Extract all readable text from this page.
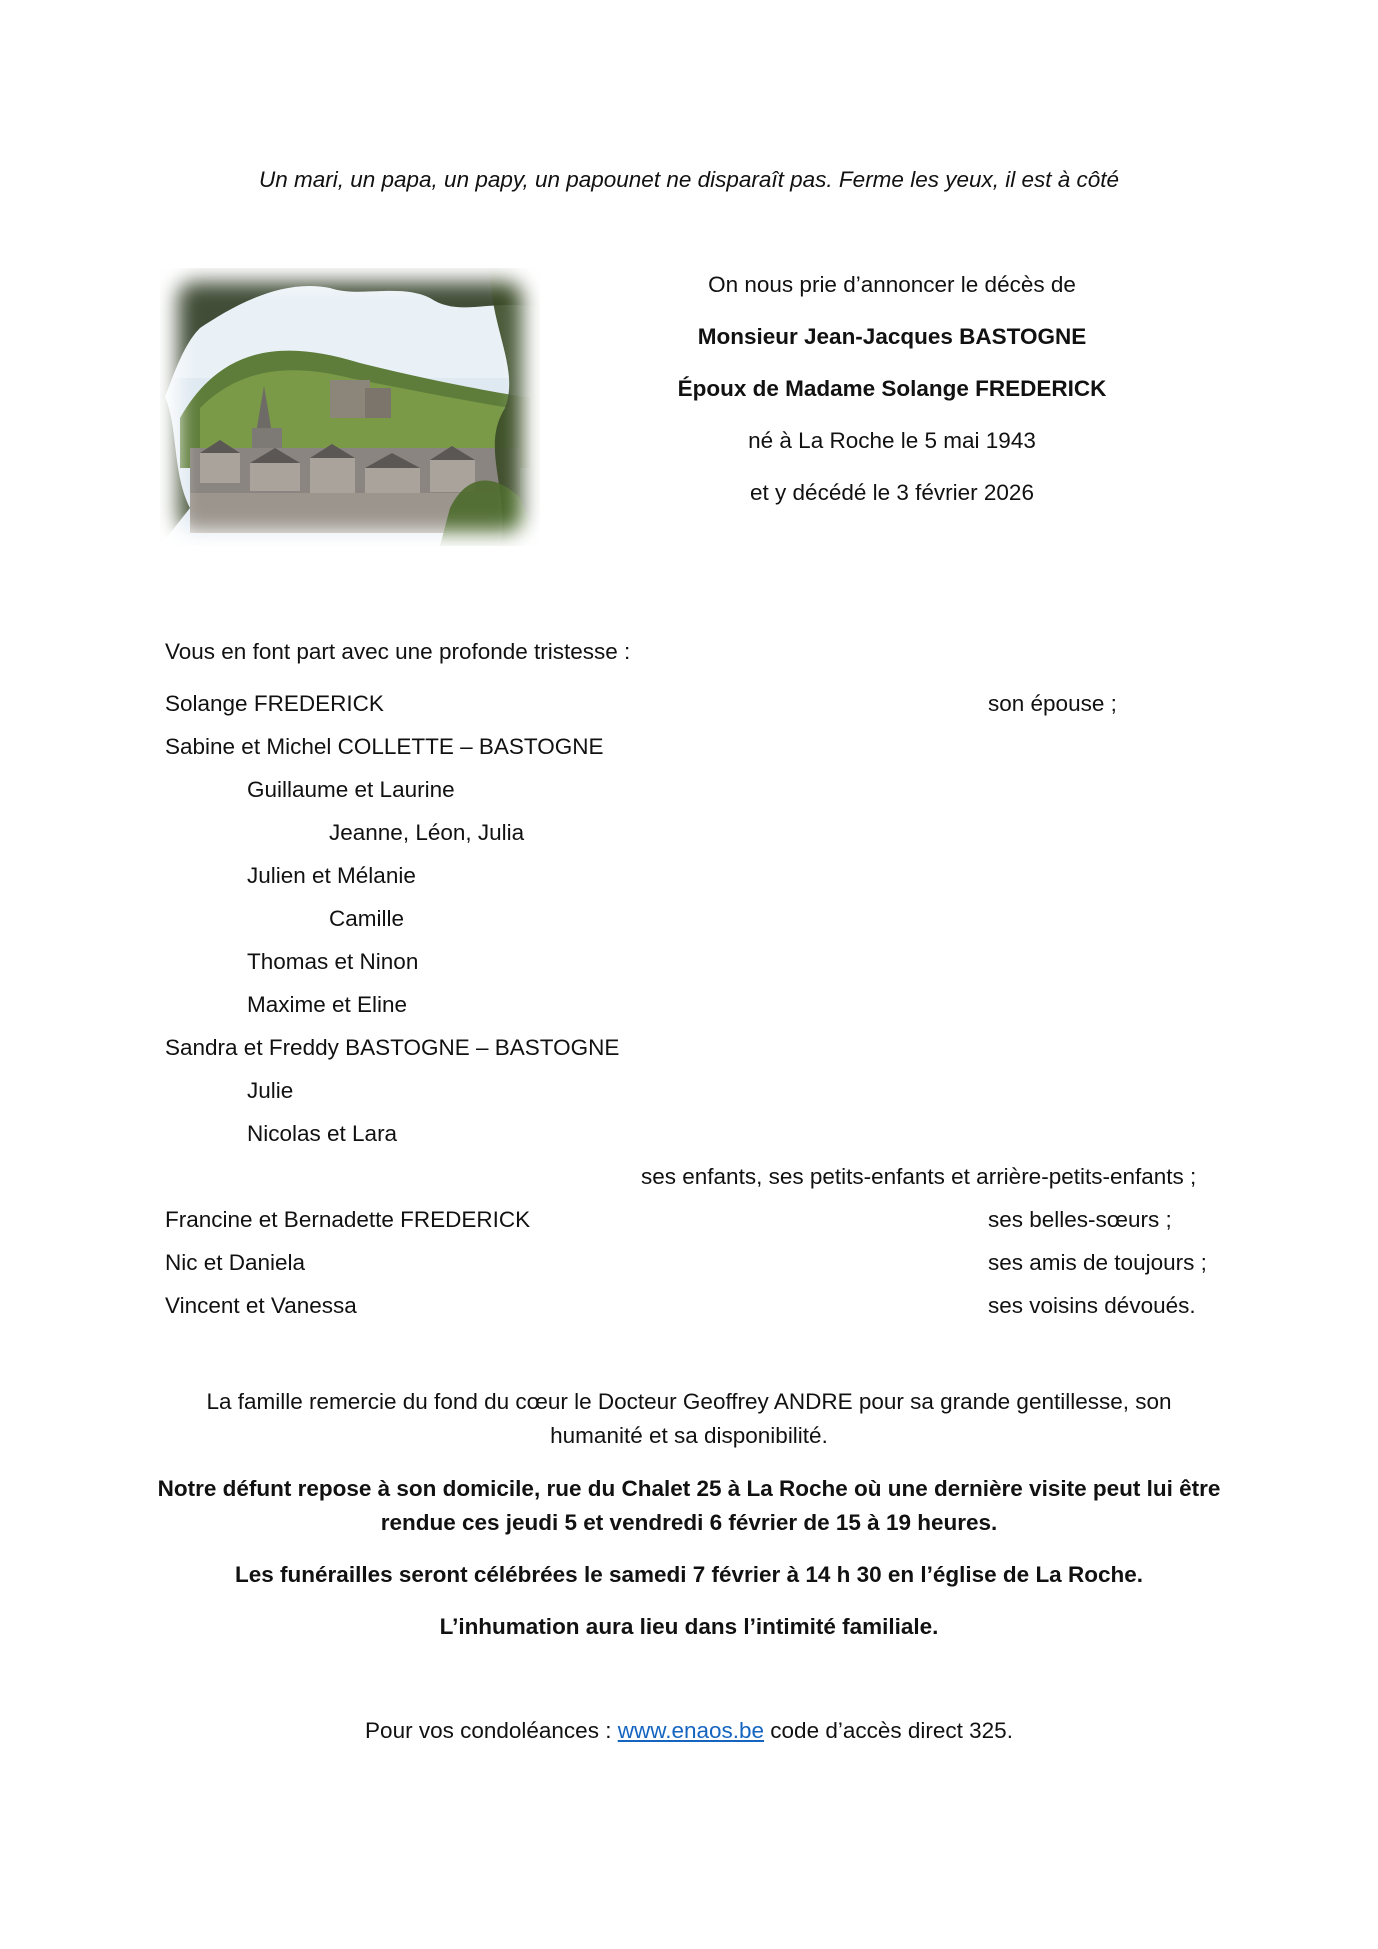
Un mari, un papa, un papy, un papounet ne disparaît pas. Ferme les yeux, il est à côté
On nous prie d’annoncer le décès de
Monsieur Jean-Jacques BASTOGNE
Époux de Madame Solange FREDERICK
né à La Roche le 5 mai 1943
et y décédé le 3 février 2026
Vous en font part avec une profonde tristesse :
Solange FREDERICK	son épouse ;
Sabine et Michel COLLETTE – BASTOGNE
Guillaume et Laurine
Jeanne, Léon, Julia
Julien et Mélanie
Camille
Thomas et Ninon
Maxime et Eline
Sandra et Freddy BASTOGNE – BASTOGNE
Julie
Nicolas et Lara
ses enfants, ses petits-enfants et arrière-petits-enfants ;
Francine et Bernadette FREDERICK	ses belles-sœurs ;
Nic et Daniela	ses amis de toujours ;
Vincent et Vanessa	ses voisins dévoués.
La famille remercie du fond du cœur le Docteur Geoffrey ANDRE pour sa grande gentillesse, son
humanité et sa disponibilité.
Notre défunt repose à son domicile, rue du Chalet 25 à La Roche où une dernière visite peut lui être
rendue ces jeudi 5 et vendredi 6 février de 15 à 19 heures.
Les funérailles seront célébrées le samedi 7 février à 14 h 30 en l’église de La Roche.
L’inhumation aura lieu dans l’intimité familiale.
Pour vos condoléances : www.enaos.be code d’accès direct 325.
